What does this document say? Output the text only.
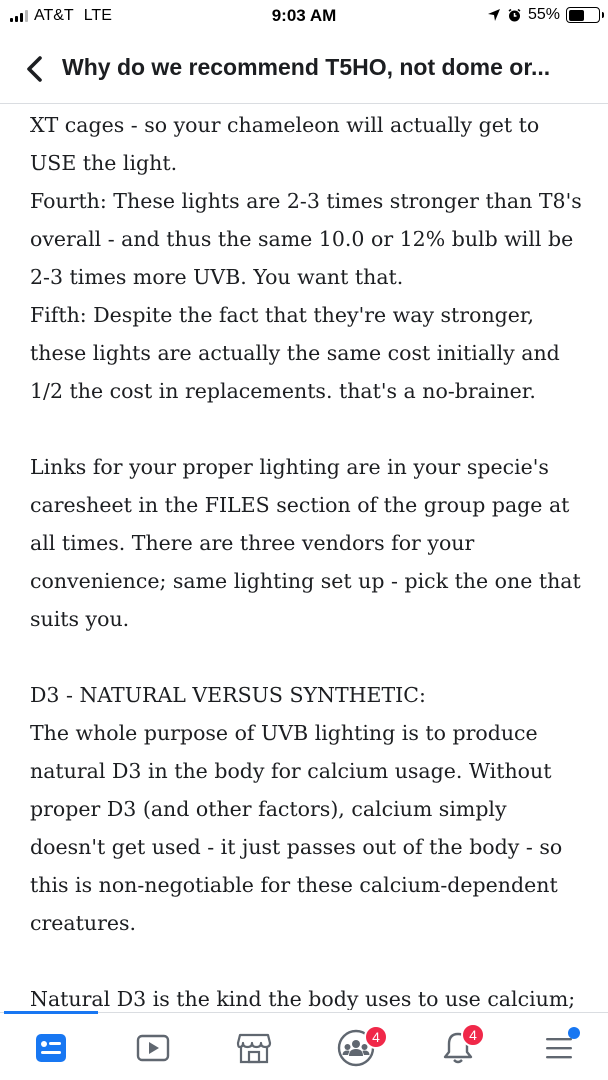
AT&T LTE	9:03 AM	55%
Why do we recommend T5HO, not dome or...

XT cages - so your chameleon will actually get to

USE the light.

Fourth: These lights are 2-3 times stronger than T8's

overall - and thus the same 10.0 or 12% bulb will be

2-3 times more UVB. You want that.

Fifth: Despite the fact that they're way stronger,

these lights are actually the same cost initially and

1/2 the cost in replacements. that's a no-brainer.

Links for your proper lighting are in your specie's

caresheet in the FILES section of the group page at

all times. There are three vendors for your

convenience; same lighting set up - pick the one that

suits you.

D3 - NATURAL VERSUS SYNTHETIC:

The whole purpose of UVB lighting is to produce

natural D3 in the body for calcium usage. Without

proper D3 (and other factors), calcium simply

doesn't get used - it just passes out of the body - so

this is non-negotiable for these calcium-dependent

creatures.

Natural D3 is the kind the body uses to use calcium;

4	4
